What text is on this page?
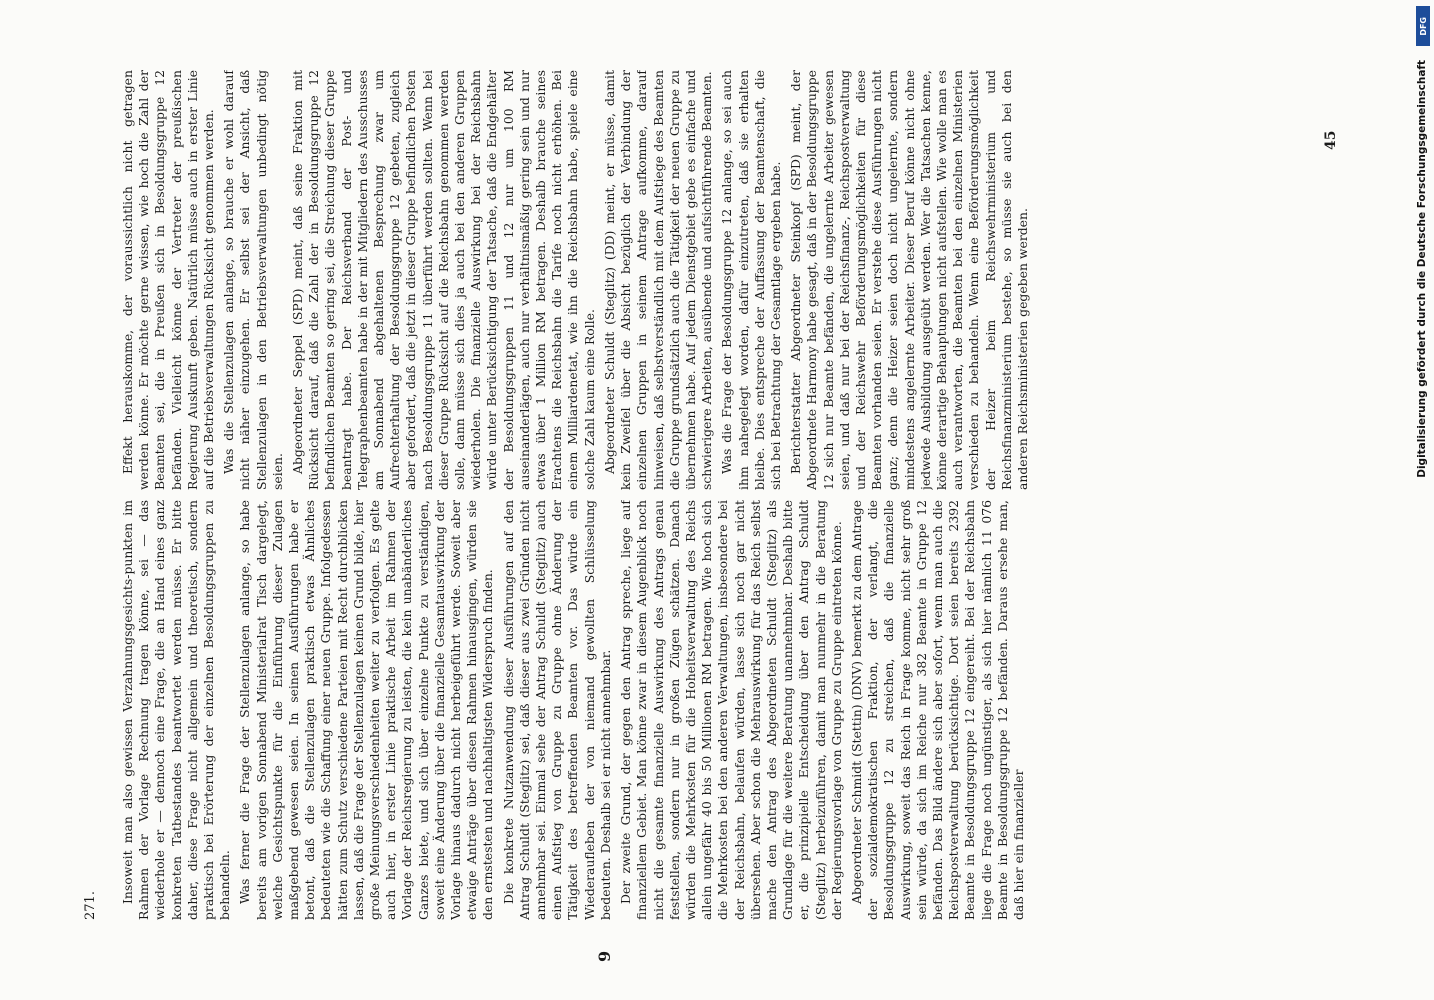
271.

Insoweit man also gewissen Verzahnungsgesichts-punkten im Rahmen der Vorlage Rechnung tragen könne, sei — das wiederhole er — dennoch eine Frage, die an Hand eines ganz konkreten Tatbestandes beantwortet werden müsse. Er bitte daher, diese Frage nicht allgemein und theoretisch, sondern praktisch bei Erörterung der einzelnen Besoldungsgruppen zu behandeln. Was ferner die Frage der Stellenzulagen anlange, so habe bereits am vorigen Sonnabend Ministerialrat Tisch dargelegt, welche Gesichtspunkte für die Einführung dieser Zulagen maßgebend gewesen seien. In seinen Ausführungen habe er betont, daß die Stellenzulagen praktisch etwas Ähnliches bedeuteten wie die Schaffung einer neuen Gruppe. Infolgedessen hätten zum Schutz verschiedene Parteien mit Recht durchblicken lassen, daß die Frage der Stellenzulagen keinen Grund bilde, hier große Meinungsverschiedenheiten weiter zu verfolgen. Es gelte auch hier, in erster Linie praktische Arbeit im Rahmen der Vorlage der Reichsregierung zu leisten, die kein unabänderliches Ganzes biete, und sich über einzelne Punkte zu verständigen, soweit eine Änderung über die finanzielle Gesamtauswirkung der Vorlage hinaus dadurch nicht herbeigeführt werde. Soweit aber etwaige Anträge über diesen Rahmen hinausgingen, würden sie den ernstesten und nachhaltigsten Widerspruch finden. Die konkrete Nutzanwendung dieser Ausführungen auf den Antrag Schuldt (Steglitz) sei, daß dieser aus zwei Gründen nicht annehmbar sei. Einmal sehe der Antrag Schuldt (Steglitz) auch einen Aufstieg von Gruppe zu Gruppe ohne Änderung der Tätigkeit des betreffenden Beamten vor. Das würde ein Wiederaufleben der von niemand gewollten Schlüsselung bedeuten. Deshalb sei er nicht annehmbar. Der zweite Grund, der gegen den Antrag spreche, liege auf finanziellem Gebiet. Man könne zwar in diesem Augenblick noch nicht die gesamte finanzielle Auswirkung des Antrags genau feststellen, sondern nur in großen Zügen schätzen. Danach würden die Mehrkosten für die Hoheitsverwaltung des Reichs allein ungefähr 40 bis 50 Millionen RM betragen. Wie hoch sich die Mehrkosten bei den anderen Verwaltungen, insbesondere bei der Reichsbahn, belaufen würden, lasse sich noch gar nicht übersehen. Aber schon die Mehrauswirkung für das Reich selbst mache den Antrag des Abgeordneten Schuldt (Steglitz) als Grundlage für die weitere Beratung unannehmbar. Deshalb bitte er, die prinzipielle Entscheidung über den Antrag Schuldt (Steglitz) herbeizuführen, damit man nunmehr in die Beratung der Regierungsvorlage von Gruppe zu Gruppe eintreten könne. Abgeordneter Schmidt (Stettin) (DNV) bemerkt zu dem Antrage der sozialdemokratischen Fraktion, der verlangt, die Besoldungsgruppe 12 zu streichen, daß die finanzielle Auswirkung, soweit das Reich in Frage komme, nicht sehr groß sein würde, da sich im Reiche nur 382 Beamte in Gruppe 12 befänden. Das Bild ändere sich aber sofort, wenn man auch die Reichspostverwaltung berücksichtige. Dort seien bereits 2392 Beamte in Besoldungsgruppe 12 eingereiht. Bei der Reichsbahn liege die Frage noch ungünstiger, als sich hier nämlich 11 076 Beamte in Besoldungsgruppe 12 befänden. Daraus ersehe man, daß hier ein finanzieller

Effekt herauskomme, der voraussichtlich nicht getragen werden könne. Er möchte gerne wissen, wie hoch die Zahl der Beamten sei, die in Preußen sich in Besoldungsgruppe 12 befänden. Vielleicht könne der Vertreter der preußischen Regierung Auskunft geben. Natürlich müsse auch in erster Linie auf die Betriebsverwaltungen Rücksicht genommen werden. Was die Stellenzulagen anlange, so brauche er wohl darauf nicht näher einzugehen. Er selbst sei der Ansicht, daß Stellenzulagen in den Betriebsverwaltungen unbedingt nötig seien. Abgeordneter Seppel (SPD) meint, daß seine Fraktion mit Rücksicht darauf, daß die Zahl der in Besoldungsgruppe 12 befindlichen Beamten so gering sei, die Streichung dieser Gruppe beantragt habe. Der Reichsverband der Post- und Telegraphenbeamten habe in der mit Mitgliedern des Ausschusses am Sonnabend abgehaltenen Besprechung zwar um Aufrechterhaltung der Besoldungsgruppe 12 gebeten, zugleich aber gefordert, daß die jetzt in dieser Gruppe befindlichen Posten nach Besoldungsgruppe 11 überführt werden sollten. Wenn bei dieser Gruppe Rücksicht auf die Reichsbahn genommen werden solle, dann müsse sich dies ja auch bei den anderen Gruppen wiederholen. Die finanzielle Auswirkung bei der Reichsbahn würde unter Berücksichtigung der Tatsache, daß die Endgehälter der Besoldungsgruppen 11 und 12 nur um 100 RM auseinanderlägen, auch nur verhältnismäßig gering sein und nur etwas über 1 Million RM betragen. Deshalb brauche seines Erachtens die Reichsbahn die Tarife noch nicht erhöhen. Bei einem Milliardenetat, wie ihn die Reichsbahn habe, spiele eine solche Zahl kaum eine Rolle. Abgeordneter Schuldt (Steglitz) (DD) meint, er müsse, damit kein Zweifel über die Absicht bezüglich der Verbindung der einzelnen Gruppen in seinem Antrage aufkomme, darauf hinweisen, daß selbstverständlich mit dem Aufstiege des Beamten die Gruppe grundsätzlich auch die Tätigkeit der neuen Gruppe zu übernehmen habe. Auf jedem Dienstgebiet gebe es einfache und schwierigere Arbeiten, ausübende und aufsichtführende Beamten. Was die Frage der Besoldungsgruppe 12 anlange, so sei auch ihm nahegelegt worden, dafür einzutreten, daß sie erhalten bleibe. Dies entspreche der Auffassung der Beamtenschaft, die sich bei Betrachtung der Gesamtlage ergeben habe. Berichterstatter Abgeordneter Steinkopf (SPD) meint, der Abgeordnete Harmony habe gesagt, daß in der Besoldungsgruppe 12 sich nur Beamte befänden, die ungelernte Arbeiter gewesen seien, und daß nur bei der Reichsfinanz-, Reichspostverwaltung und der Reichswehr Beförderungsmöglichkeiten für diese Beamten vorhanden seien. Er verstehe diese Ausführungen nicht ganz; denn die Heizer seien doch nicht ungelernte, sondern mindestens angelernte Arbeiter. Dieser Beruf könne nicht ohne jedwede Ausbildung ausgeübt werden. Wer die Tatsachen kenne, könne derartige Behauptungen nicht aufstellen. Wie wolle man es auch verantworten, die Beamten bei den einzelnen Ministerien verschieden zu behandeln. Wenn eine Beförderungsmöglichkeit der Heizer beim Reichswehrministerium und Reichsfinanzministerium bestehe, so müsse sie auch bei den anderen Reichsministerien gegeben werden.

9
45
DFG
Digitalisierung gefördert durch die Deutsche Forschungsgemeinschaft
